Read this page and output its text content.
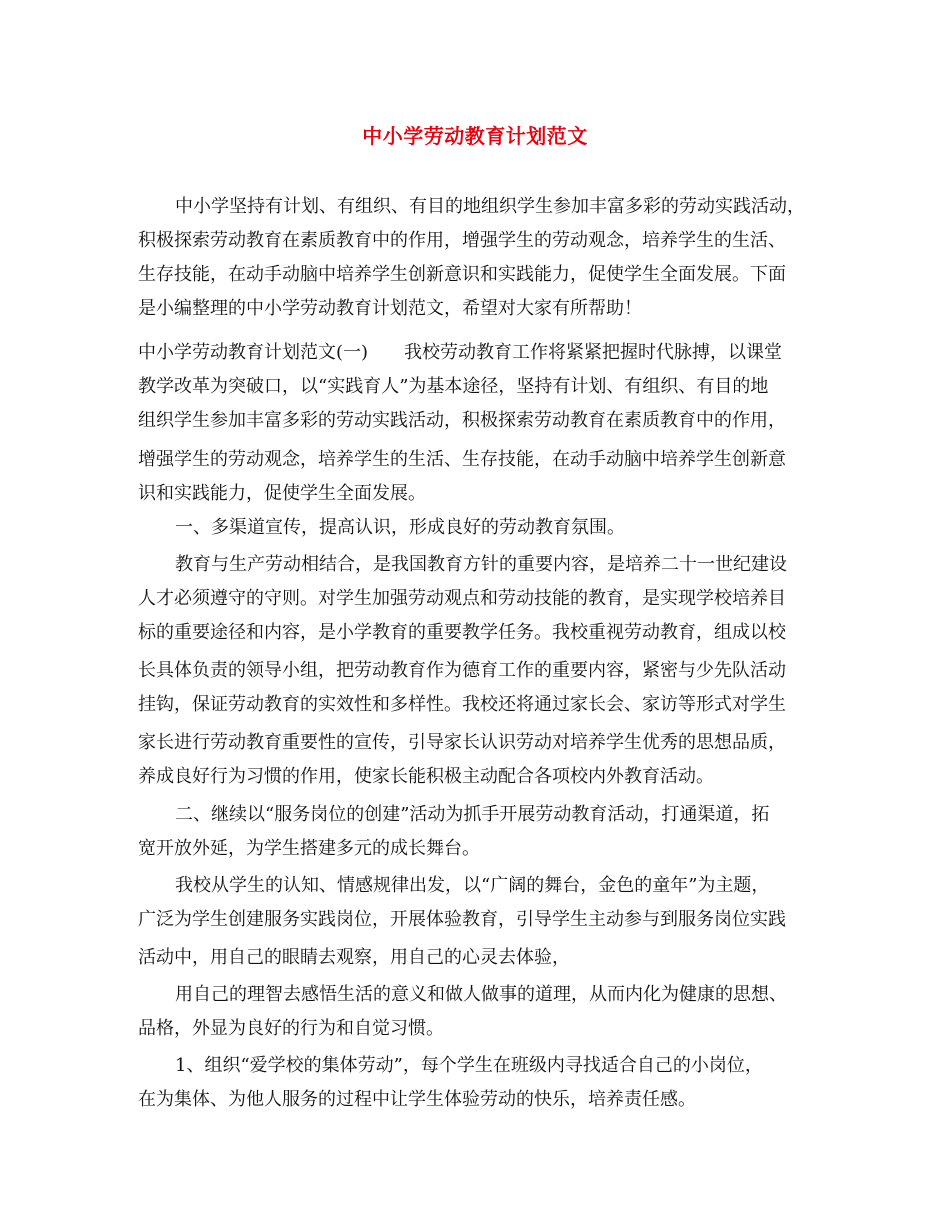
中小学劳动教育计划范文
中小学坚持有计划、有组织、有目的地组织学生参加丰富多彩的劳动实践活动，
积极探索劳动教育在素质教育中的作用，增强学生的劳动观念，培养学生的生活、
生存技能，在动手动脑中培养学生创新意识和实践能力，促使学生全面发展。下面
是小编整理的中小学劳动教育计划范文，希望对大家有所帮助！
中小学劳动教育计划范文(一)　　我校劳动教育工作将紧紧把握时代脉搏，以课堂
教学改革为突破口，以“实践育人”为基本途径，坚持有计划、有组织、有目的地
组织学生参加丰富多彩的劳动实践活动，积极探索劳动教育在素质教育中的作用，
增强学生的劳动观念，培养学生的生活、生存技能，在动手动脑中培养学生创新意
识和实践能力，促使学生全面发展。
一、多渠道宣传，提高认识，形成良好的劳动教育氛围。
教育与生产劳动相结合，是我国教育方针的重要内容，是培养二十一世纪建设
人才必须遵守的守则。对学生加强劳动观点和劳动技能的教育，是实现学校培养目
标的重要途径和内容，是小学教育的重要教学任务。我校重视劳动教育，组成以校
长具体负责的领导小组，把劳动教育作为德育工作的重要内容，紧密与少先队活动
挂钩，保证劳动教育的实效性和多样性。我校还将通过家长会、家访等形式对学生
家长进行劳动教育重要性的宣传，引导家长认识劳动对培养学生优秀的思想品质，
养成良好行为习惯的作用，使家长能积极主动配合各项校内外教育活动。
二、继续以“服务岗位的创建”活动为抓手开展劳动教育活动，打通渠道，拓
宽开放外延，为学生搭建多元的成长舞台。
我校从学生的认知、情感规律出发，以“广阔的舞台，金色的童年”为主题，
广泛为学生创建服务实践岗位，开展体验教育，引导学生主动参与到服务岗位实践
活动中，用自己的眼睛去观察，用自己的心灵去体验，
用自己的理智去感悟生活的意义和做人做事的道理，从而内化为健康的思想、
品格，外显为良好的行为和自觉习惯。
1、组织“爱学校的集体劳动”，每个学生在班级内寻找适合自己的小岗位，
在为集体、为他人服务的过程中让学生体验劳动的快乐，培养责任感。
